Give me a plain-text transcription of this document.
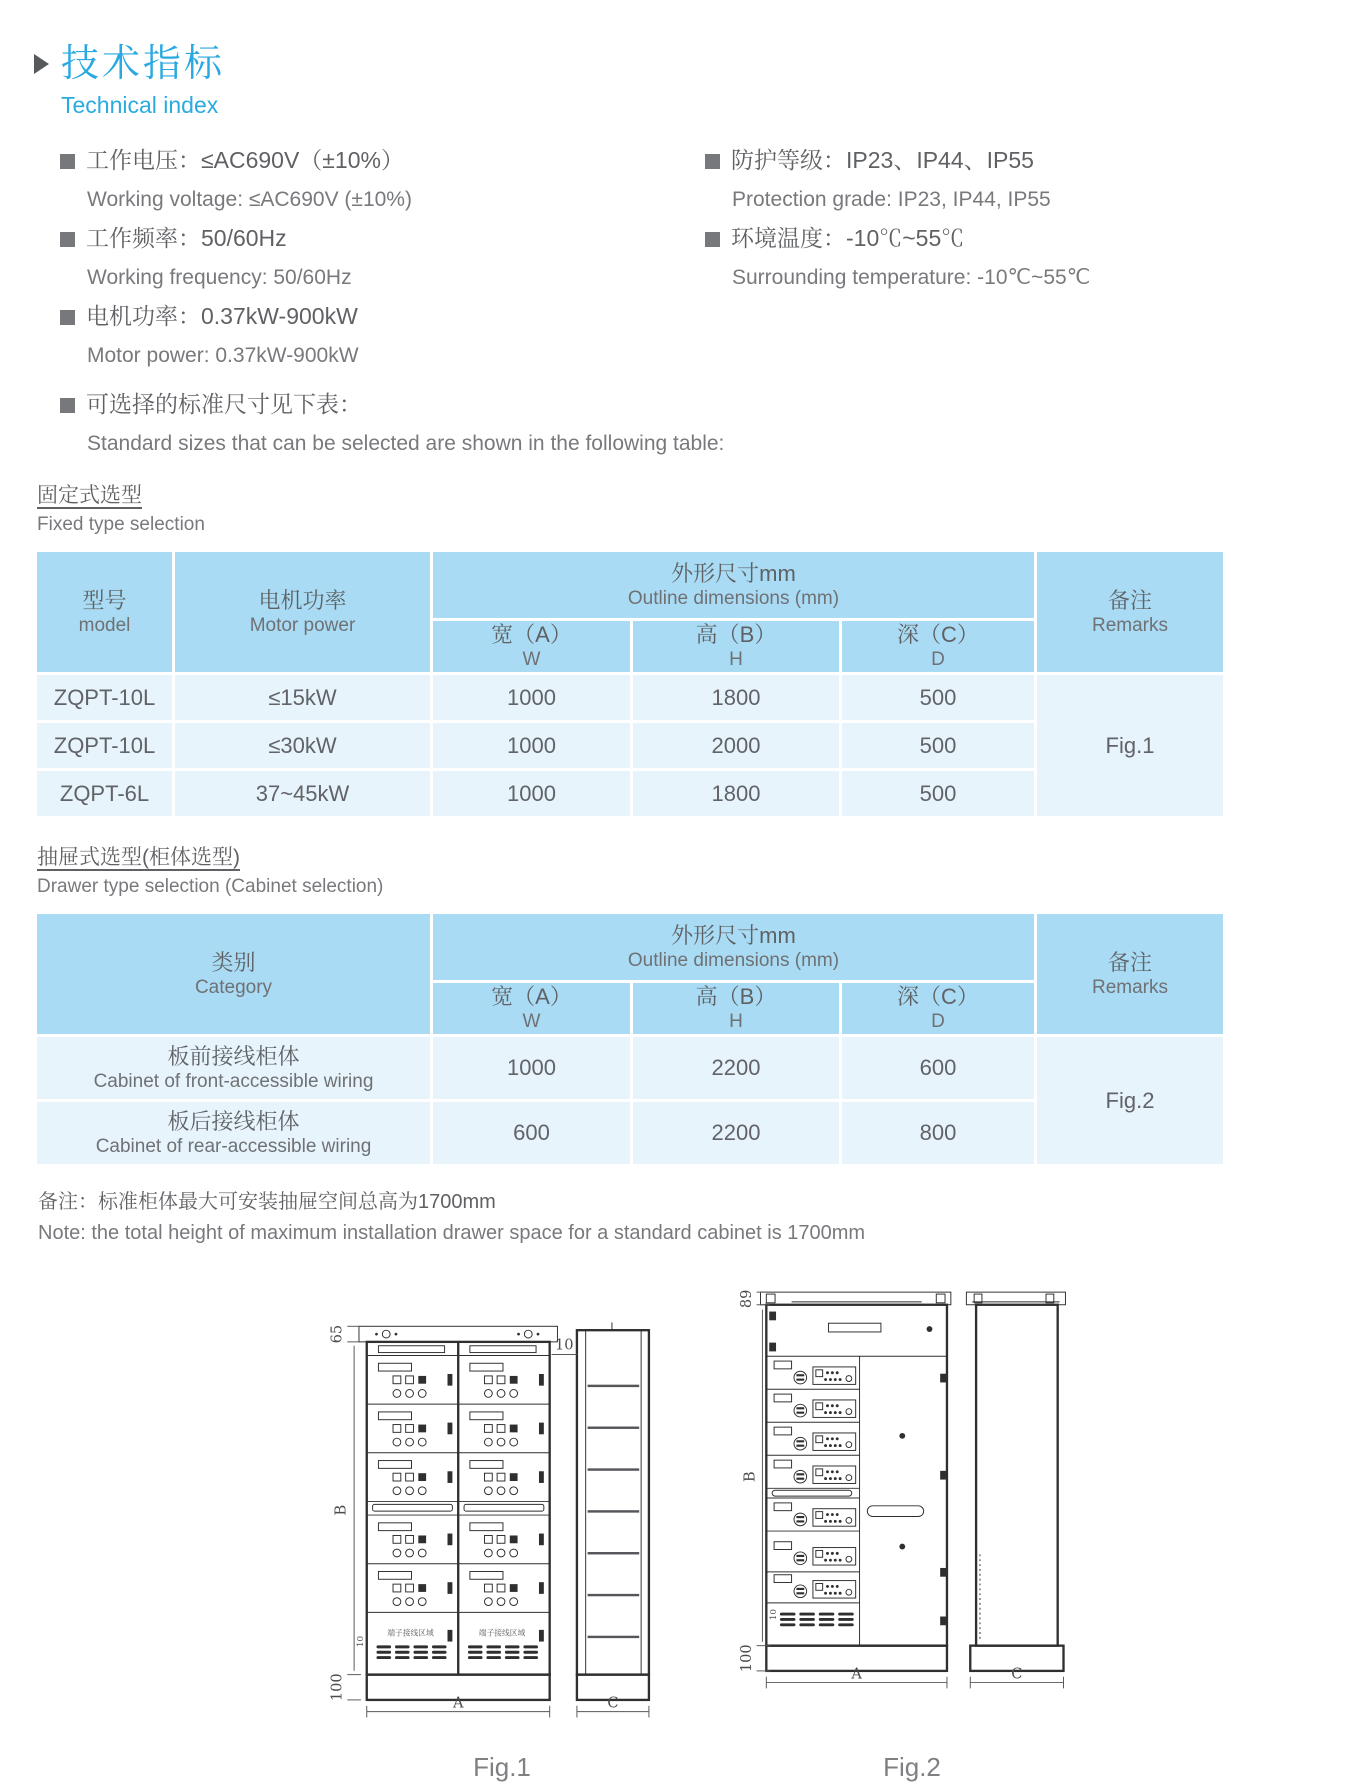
技术指标
Technical index
工作电压：≤AC690V（±10%）
Working voltage: ≤AC690V (±10%)
工作频率：50/60Hz
Working frequency: 50/60Hz
电机功率：0.37kW-900kW
Motor power: 0.37kW-900kW
防护等级：IP23、IP44、IP55
Protection grade: IP23, IP44, IP55
环境温度：-10℃~55℃
Surrounding temperature: -10℃~55℃
可选择的标准尺寸见下表：
Standard sizes that can be selected are shown in the following table:
固定式选型
Fixed type selection
型号
model

电机功率
Motor power

外形尺寸mm
Outline dimensions (mm)	备注
Remarks

宽（A）
W

高（B）
H

深（C）
D

ZQPT-10L	≤15kW	1000	1800	500	Fig.1
ZQPT-10L	≤30kW	1000	2000	500	
ZQPT-6L	37~45kW	1000	1800	500	
抽屉式选型(柜体选型)
Drawer type selection (Cabinet selection)
类别
Category

外形尺寸mm
Outline dimensions (mm)	备注
Remarks

宽（A）
W

高（B）
H

深（C）
D

板前接线柜体
Cabinet of front-accessible wiring	1000	2200	600	Fig.2

板后接线柜体
Cabinet of rear-accessible wiring	600	2200	800	
备注：标准柜体最大可安装抽屉空间总高为1700mm
Note: the total height of maximum installation drawer space for a standard cabinet is 1700mm
端子接线区域	端子接线区域
65
B
10
100
10
A	C
Fig.1
89
B
10
100
A	C
Fig.2
